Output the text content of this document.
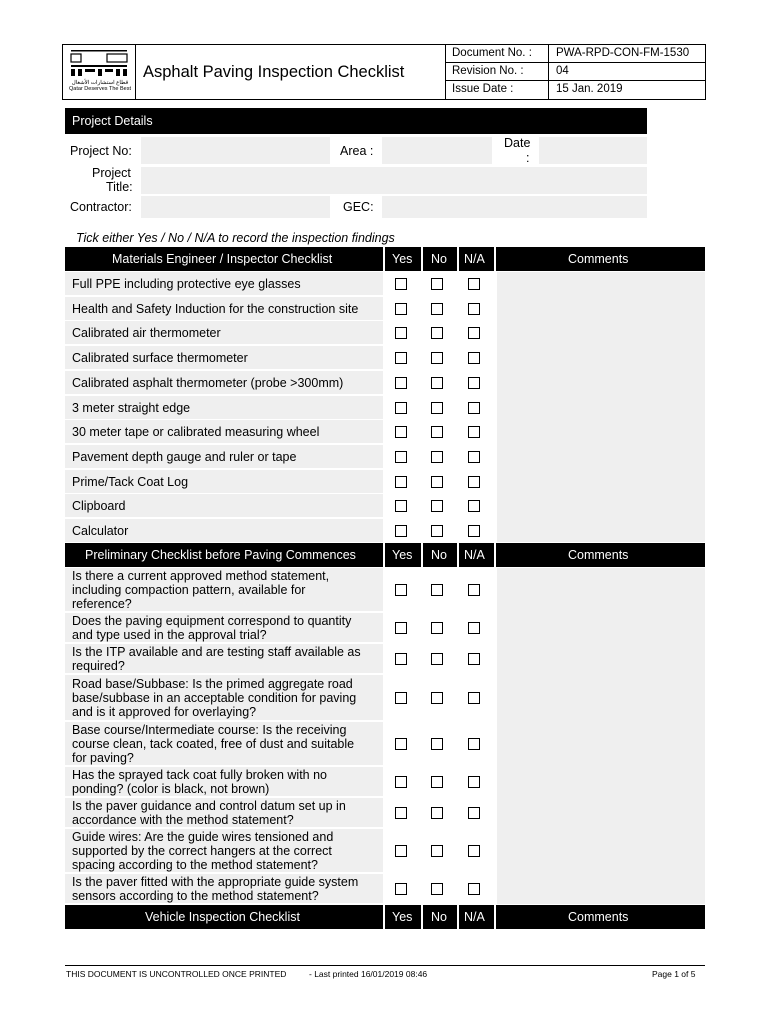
قطاع استشارات الأشغال
Qatar Deserves The Best
Asphalt Paving Inspection Checklist
Document No. : PWA-RPD-CON-FM-1530
Revision No. :	04
Issue Date :	15 Jan. 2019
Project Details
Project No:	Area :
Date
:
Project
Title:
Contractor:	GEC:
Tick either Yes / No / N/A to record the inspection findings
Materials Engineer / Inspector Checklist	Yes No N/A	Comments
Full PPE including protective eye glasses
Health and Safety Induction for the construction site
Calibrated air thermometer
Calibrated surface thermometer
Calibrated asphalt thermometer (probe >300mm)
3 meter straight edge
30 meter tape or calibrated measuring wheel
Pavement depth gauge and ruler or tape
Prime/Tack Coat Log
Clipboard
Calculator
Preliminary Checklist before Paving Commences	Yes No N/A	Comments
Is there a current approved method statement,
including compaction pattern, available for
reference?
Does the paving equipment correspond to quantity
and type used in the approval trial?
Is the ITP available and are testing staff available as
required?
Road base/Subbase: Is the primed aggregate road
base/subbase in an acceptable condition for paving
and is it approved for overlaying?
Base course/Intermediate course: Is the receiving
course clean, tack coated, free of dust and suitable
for paving?
Has the sprayed tack coat fully broken with no
ponding? (color is black, not brown)
Is the paver guidance and control datum set up in
accordance with the method statement?
Guide wires: Are the guide wires tensioned and
supported by the correct hangers at the correct
spacing according to the method statement?
Is the paver fitted with the appropriate guide system
sensors according to the method statement?
Vehicle Inspection Checklist	Yes No N/A	Comments
THIS DOCUMENT IS UNCONTROLLED ONCE PRINTED	- Last printed 16/01/2019 08:46	Page 1 of 5
